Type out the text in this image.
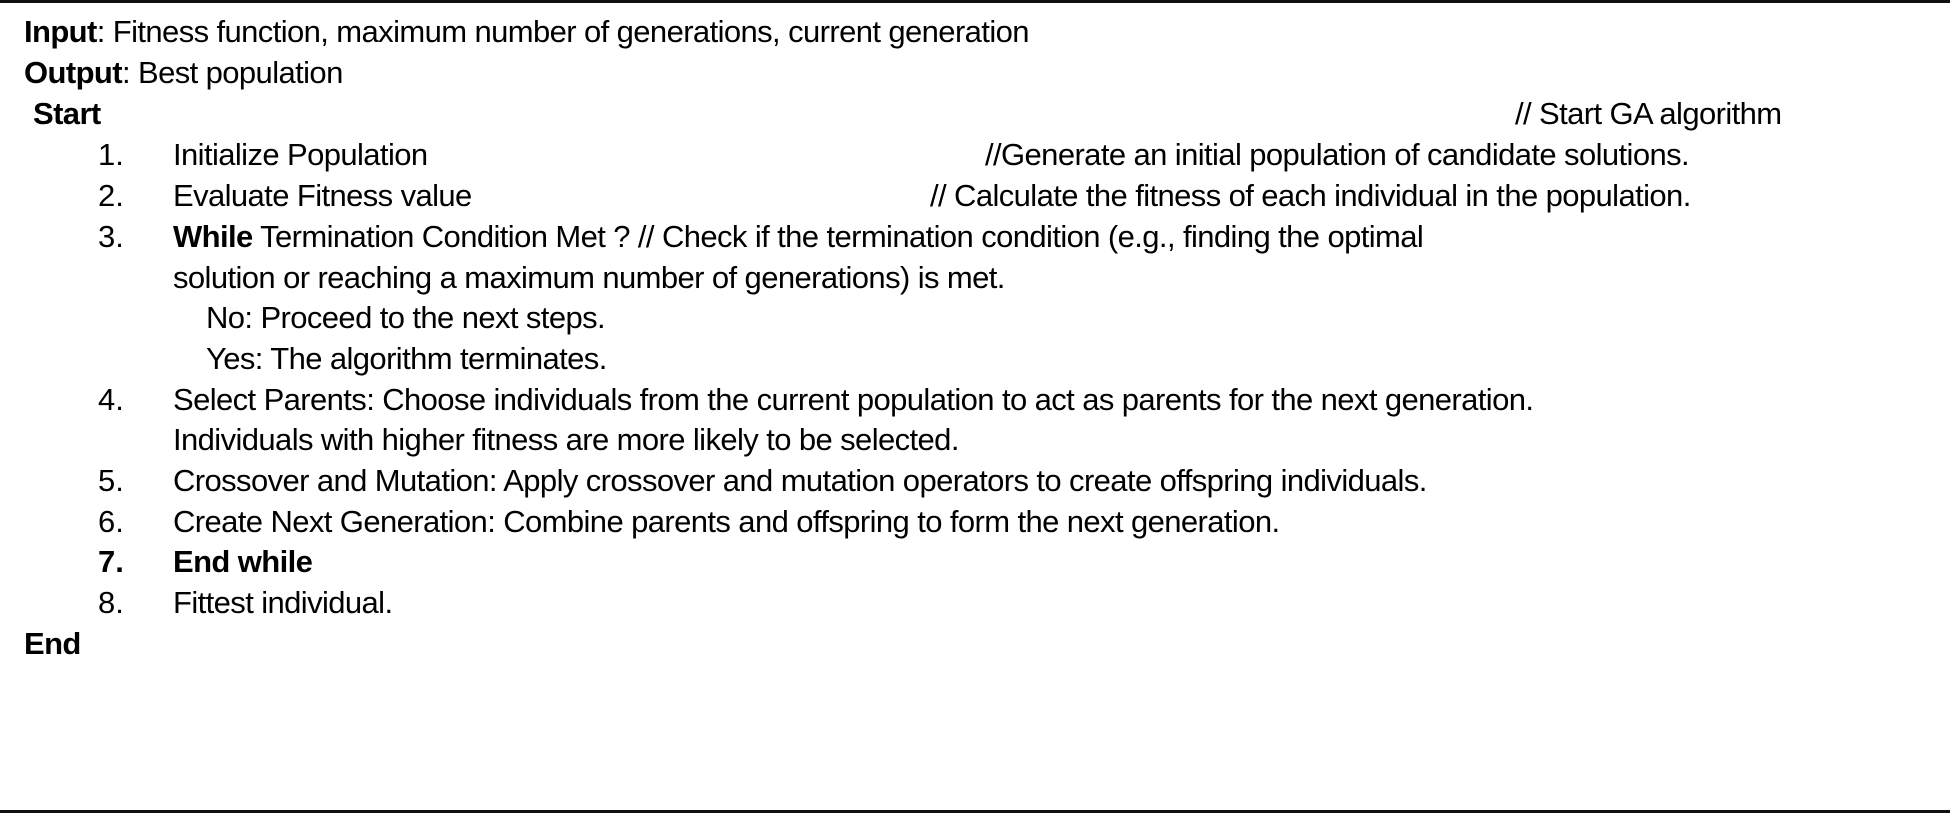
Input: Fitness function, maximum number of generations, current generation
Output: Best population
Start	// Start GA algorithm
1. Initialize Population	//Generate an initial population of candidate solutions.
2. Evaluate Fitness value	// Calculate the fitness of each individual in the population.
3. While Termination Condition Met ? // Check if the termination condition (e.g., finding the optimal
solution or reaching a maximum number of generations) is met.
No: Proceed to the next steps.
Yes: The algorithm terminates.
4. Select Parents: Choose individuals from the current population to act as parents for the next generation.
Individuals with higher fitness are more likely to be selected.
5. Crossover and Mutation: Apply crossover and mutation operators to create offspring individuals.
6. Create Next Generation: Combine parents and offspring to form the next generation.
7. End while
8. Fittest individual.
End
